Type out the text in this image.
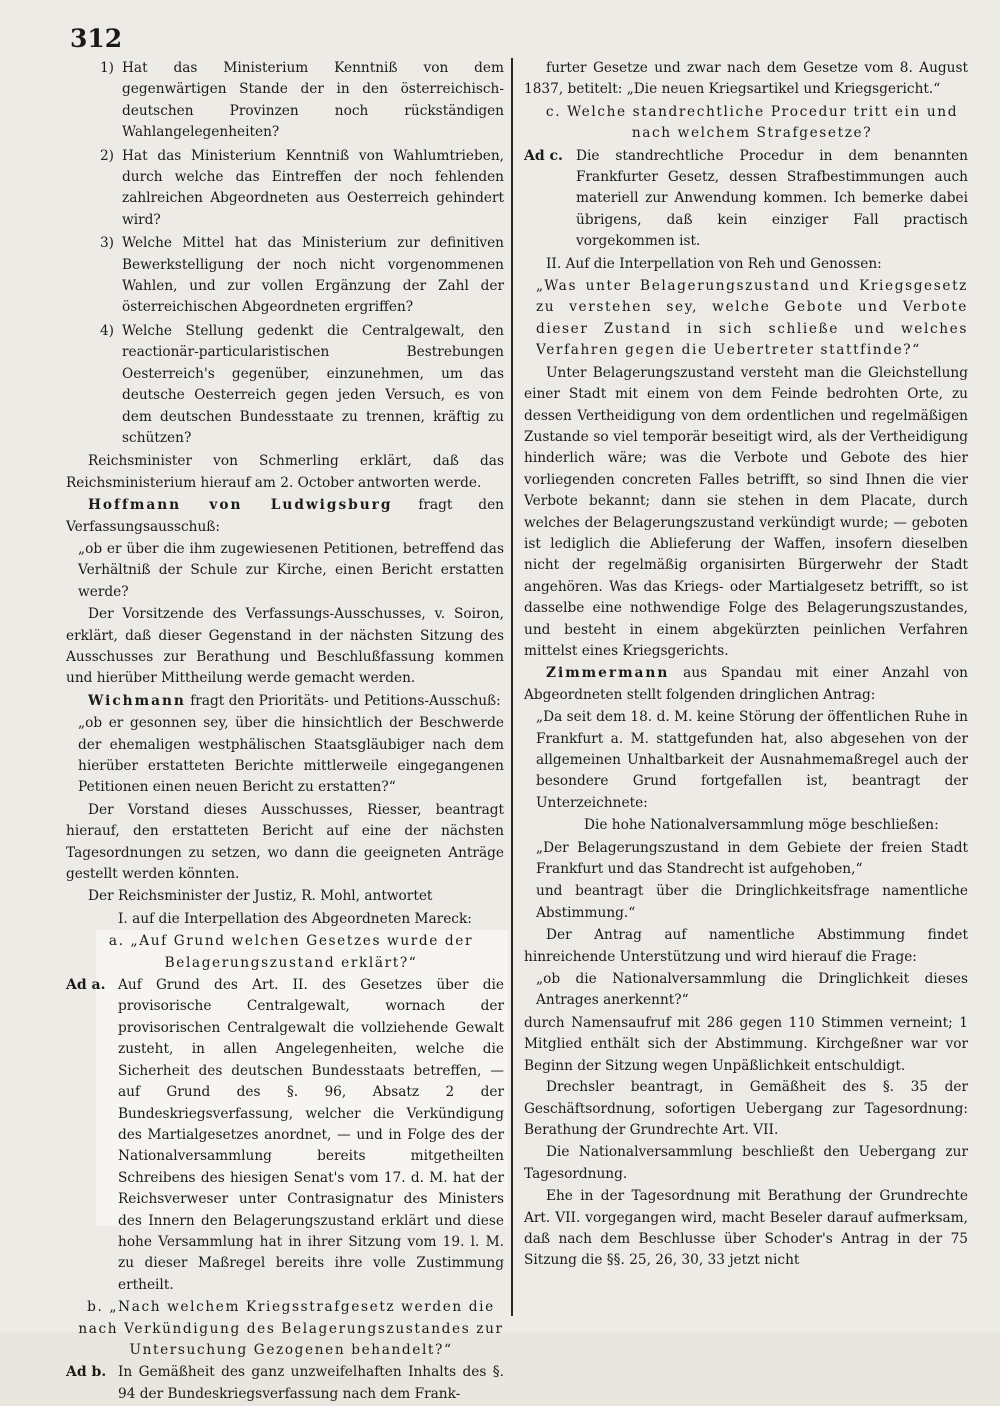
312
1) Hat das Ministerium Kenntniß von dem gegenwärtigen Stande der in den österreichisch-deutschen Provinzen noch rückständigen Wahlangelegenheiten?
2) Hat das Ministerium Kenntniß von Wahlumtrieben, durch welche das Eintreffen der noch fehlenden zahlreichen Abgeordneten aus Oesterreich gehindert wird?
3) Welche Mittel hat das Ministerium zur definitiven Bewerkstelligung der noch nicht vorgenommenen Wahlen, und zur vollen Ergänzung der Zahl der österreichischen Abgeordneten ergriffen?
4) Welche Stellung gedenkt die Centralgewalt, den reactionär-particularistischen Bestrebungen Oesterreich's gegenüber, einzunehmen, um das deutsche Oesterreich gegen jeden Versuch, es von dem deutschen Bundesstaate zu trennen, kräftig zu schützen?

Reichsminister von Schmerling erklärt, daß das Reichsministerium hierauf am 2. October antworten werde.

Hoffmann von Ludwigsburg fragt den Verfassungsausschuß:

„ob er über die ihm zugewiesenen Petitionen, betreffend das Verhältniß der Schule zur Kirche, einen Bericht erstatten werde?

Der Vorsitzende des Verfassungs-Ausschusses, v. Soiron, erklärt, daß dieser Gegenstand in der nächsten Sitzung des Ausschusses zur Berathung und Beschlußfassung kommen und hierüber Mittheilung werde gemacht werden.

Wichmann fragt den Prioritäts- und Petitions-Ausschuß:

„ob er gesonnen sey, über die hinsichtlich der Beschwerde der ehemaligen westphälischen Staatsgläubiger nach dem hierüber erstatteten Berichte mittlerweile eingegangenen Petitionen einen neuen Bericht zu erstatten?“

Der Vorstand dieses Ausschusses, Riesser, beantragt hierauf, den erstatteten Bericht auf eine der nächsten Tagesordnungen zu setzen, wo dann die geeigneten Anträge gestellt werden könnten.

Der Reichsminister der Justiz, R. Mohl, antwortet

I. auf die Interpellation des Abgeordneten Mareck:

a. „Auf Grund welchen Gesetzes wurde der Belagerungszustand erklärt?“

Ad a. Auf Grund des Art. II. des Gesetzes über die provisorische Centralgewalt, wornach der provisorischen Centralgewalt die vollziehende Gewalt zusteht, in allen Angelegenheiten, welche die Sicherheit des deutschen Bundesstaats betreffen, — auf Grund des §. 96, Absatz 2 der Bundeskriegsverfassung, welcher die Verkündigung des Martialgesetzes anordnet, — und in Folge des der Nationalversammlung bereits mitgetheilten Schreibens des hiesigen Senat's vom 17. d. M. hat der Reichsverweser unter Contrasignatur des Ministers des Innern den Belagerungszustand erklärt und diese hohe Versammlung hat in ihrer Sitzung vom 19. l. M. zu dieser Maßregel bereits ihre volle Zustimmung ertheilt.

b. „Nach welchem Kriegsstrafgesetz werden die nach Verkündigung des Belagerungszustandes zur Untersuchung Gezogenen behandelt?“

Ad b. In Gemäßheit des ganz unzweifelhaften Inhalts des §. 94 der Bundeskriegsverfassung nach dem Frank-

furter Gesetze und zwar nach dem Gesetze vom 8. August 1837, betitelt: „Die neuen Kriegsartikel und Kriegsgericht.“

c. Welche standrechtliche Procedur tritt ein und nach welchem Strafgesetze?

Ad c. Die standrechtliche Procedur in dem benannten Frankfurter Gesetz, dessen Strafbestimmungen auch materiell zur Anwendung kommen. Ich bemerke dabei übrigens, daß kein einziger Fall practisch vorgekommen ist.

II. Auf die Interpellation von Reh und Genossen:

„Was unter Belagerungszustand und Kriegsgesetz zu verstehen sey, welche Gebote und Verbote dieser Zustand in sich schließe und welches Verfahren gegen die Uebertreter stattfinde?“

Unter Belagerungszustand versteht man die Gleichstellung einer Stadt mit einem von dem Feinde bedrohten Orte, zu dessen Vertheidigung von dem ordentlichen und regelmäßigen Zustande so viel temporär beseitigt wird, als der Vertheidigung hinderlich wäre; was die Verbote und Gebote des hier vorliegenden concreten Falles betrifft, so sind Ihnen die vier Verbote bekannt; dann sie stehen in dem Placate, durch welches der Belagerungszustand verkündigt wurde; — geboten ist lediglich die Ablieferung der Waffen, insofern dieselben nicht der regelmäßig organisirten Bürgerwehr der Stadt angehören. Was das Kriegs- oder Martialgesetz betrifft, so ist dasselbe eine nothwendige Folge des Belagerungszustandes, und besteht in einem abgekürzten peinlichen Verfahren mittelst eines Kriegsgerichts.

Zimmermann aus Spandau mit einer Anzahl von Abgeordneten stellt folgenden dringlichen Antrag:

„Da seit dem 18. d. M. keine Störung der öffentlichen Ruhe in Frankfurt a. M. stattgefunden hat, also abgesehen von der allgemeinen Unhaltbarkeit der Ausnahmemaßregel auch der besondere Grund fortgefallen ist, beantragt der Unterzeichnete:

Die hohe Nationalversammlung möge beschließen:

„Der Belagerungszustand in dem Gebiete der freien Stadt Frankfurt und das Standrecht ist aufgehoben,“

und beantragt über die Dringlichkeitsfrage namentliche Abstimmung.“

Der Antrag auf namentliche Abstimmung findet hinreichende Unterstützung und wird hierauf die Frage:

„ob die Nationalversammlung die Dringlichkeit dieses Antrages anerkennt?“

durch Namensaufruf mit 286 gegen 110 Stimmen verneint; 1 Mitglied enthält sich der Abstimmung. Kirchgeßner war vor Beginn der Sitzung wegen Unpäßlichkeit entschuldigt.

Drechsler beantragt, in Gemäßheit des §. 35 der Geschäftsordnung, sofortigen Uebergang zur Tagesordnung: Berathung der Grundrechte Art. VII.

Die Nationalversammlung beschließt den Uebergang zur Tagesordnung.

Ehe in der Tagesordnung mit Berathung der Grundrechte Art. VII. vorgegangen wird, macht Beseler darauf aufmerksam, daß nach dem Beschlusse über Schoder's Antrag in der 75 Sitzung die §§. 25, 26, 30, 33 jetzt nicht
